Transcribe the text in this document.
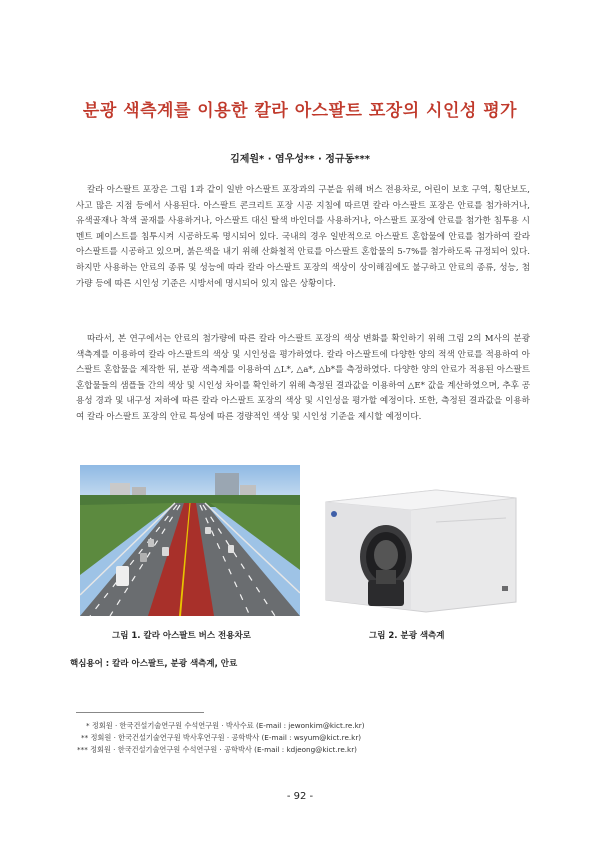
분광 색측계를 이용한 칼라 아스팔트 포장의 시인성 평가
김제원* · 염우성** · 정규동***
칼라 아스팔트 포장은 그림 1과 같이 일반 아스팔트 포장과의 구분을 위해 버스 전용차로, 어린이 보호 구역, 횡단보도, 사고 많은 지점 등에서 사용된다. 아스팔트 콘크리트 포장 시공 지침에 따르면 칼라 아스팔트 포장은 안료를 첨가하거나, 유색골재나 착색 골재를 사용하거나, 아스팔트 대신 탈색 바인더를 사용하거나, 아스팔트 포장에 안료를 첨가한 침투용 시멘트 페이스트를 침투시켜 시공하도록 명시되어 있다. 국내의 경우 일반적으로 아스팔트 혼합물에 안료를 첨가하여 칼라 아스팔트를 시공하고 있으며, 붉은색을 내기 위해 산화철적 안료를 아스팔트 혼합물의 5-7%를 첨가하도록 규정되어 있다. 하지만 사용하는 안료의 종류 및 성능에 따라 칼라 아스팔트 포장의 색상이 상이해짐에도 불구하고 안료의 종류, 성능, 첨가량 등에 따른 시인성 기준은 시방서에 명시되어 있지 않은 상황이다.
따라서, 본 연구에서는 안료의 첨가량에 따른 칼라 아스팔트 포장의 색상 변화를 확인하기 위해 그림 2의 M사의 분광 색측계를 이용하여 칼라 아스팔트의 색상 및 시인성을 평가하였다. 칼라 아스팔트에 다양한 양의 적색 안료를 적용하여 아스팔트 혼합물을 제작한 뒤, 분광 색측계를 이용하여 △L*, △a*, △b*를 측정하였다. 다양한 양의 안료가 적용된 아스팔트 혼합물들의 샘플들 간의 색상 및 시인성 차이를 확인하기 위해 측정된 결과값을 이용하여 △E* 값을 계산하였으며, 추후 공용성 경과 및 내구성 저하에 따른 칼라 아스팔트 포장의 색상 및 시인성을 평가할 예정이다. 또한, 측정된 결과값을 이용하여 칼라 아스팔트 포장의 안료 특성에 따른 경량적인 색상 및 시인성 기준을 제시할 예정이다.
그림 1. 칼라 아스팔트 버스 전용차로	그림 2. 분광 색측계
핵심용어 : 칼라 아스팔트, 분광 색측계, 안료
* 정회원 · 한국건설기술연구원 수석연구원 · 박사수료 (E-mail : jewonkim@kict.re.kr)
** 정회원 · 한국건설기술연구원 박사후연구원 · 공학박사 (E-mail : wsyum@kict.re.kr)
*** 정회원 · 한국건설기술연구원 수석연구원 · 공학박사 (E-mail : kdjeong@kict.re.kr)
- 92 -
